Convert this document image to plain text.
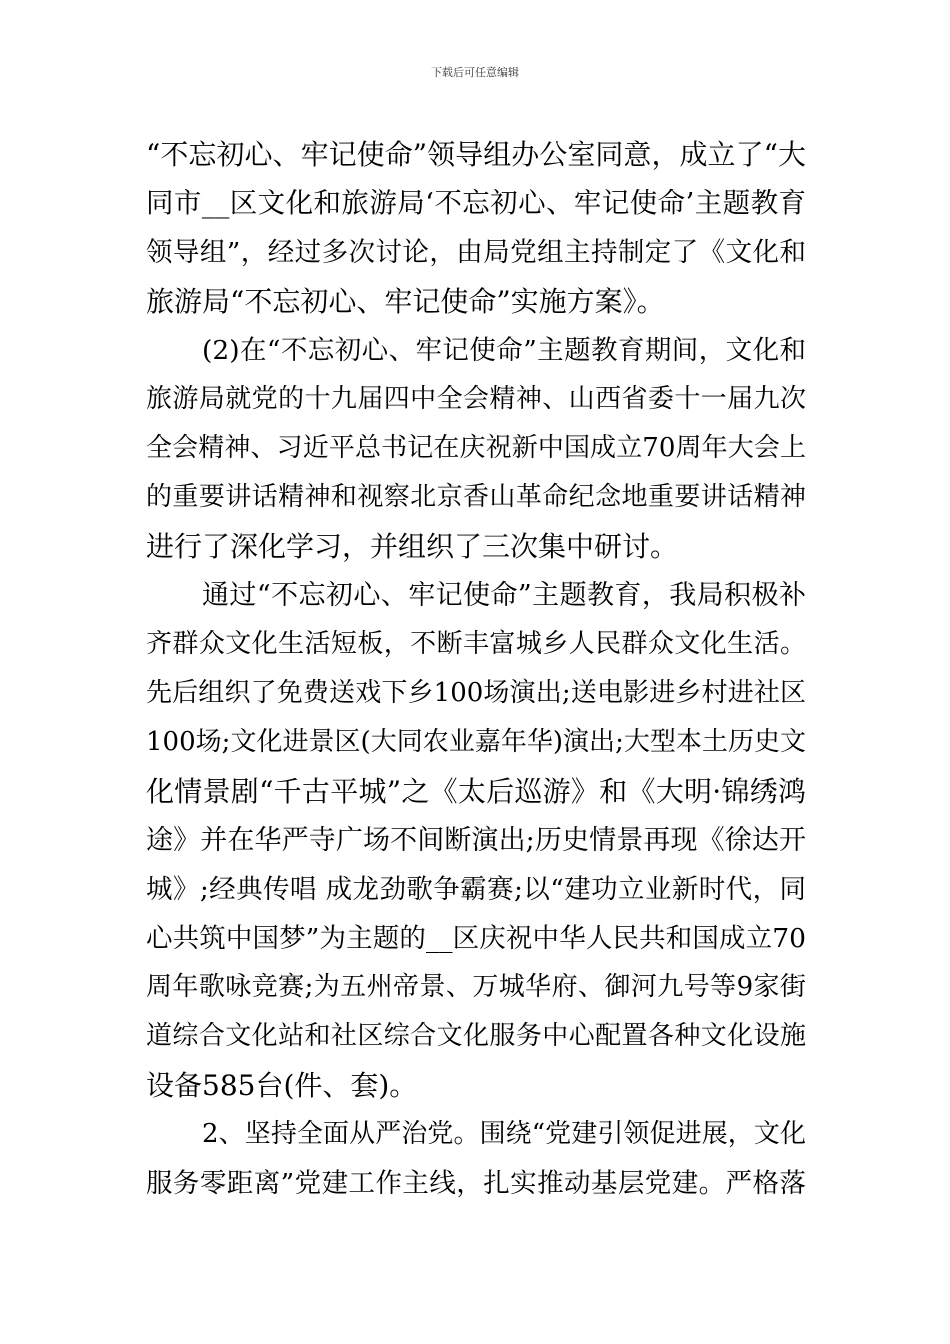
下载后可任意编辑
“不忘初心、牢记使命”领导组办公室同意，成立了“大
同市__区文化和旅游局‘不忘初心、牢记使命’主题教育
领导组”，经过多次讨论，由局党组主持制定了《文化和
旅游局“不忘初心、牢记使命”实施方案》。
(2)在“不忘初心、牢记使命”主题教育期间，文化和
旅游局就党的十九届四中全会精神、山西省委十一届九次
全会精神、习近平总书记在庆祝新中国成立70周年大会上
的重要讲话精神和视察北京香山革命纪念地重要讲话精神
进行了深化学习，并组织了三次集中研讨。
通过“不忘初心、牢记使命”主题教育，我局积极补
齐群众文化生活短板，不断丰富城乡人民群众文化生活。
先后组织了免费送戏下乡100场演出;送电影进乡村进社区
100场;文化进景区(大同农业嘉年华)演出;大型本土历史文
化情景剧“千古平城”之《太后巡游》和《大明·锦绣鸿
途》并在华严寺广场不间断演出;历史情景再现《徐达开
城》;经典传唱 成龙劲歌争霸赛;以“建功立业新时代，同
心共筑中国梦”为主题的__区庆祝中华人民共和国成立70
周年歌咏竞赛;为五州帝景、万城华府、御河九号等9家街
道综合文化站和社区综合文化服务中心配置各种文化设施
设备585台(件、套)。
2、坚持全面从严治党。围绕“党建引领促进展，文化
服务零距离”党建工作主线，扎实推动基层党建。严格落
